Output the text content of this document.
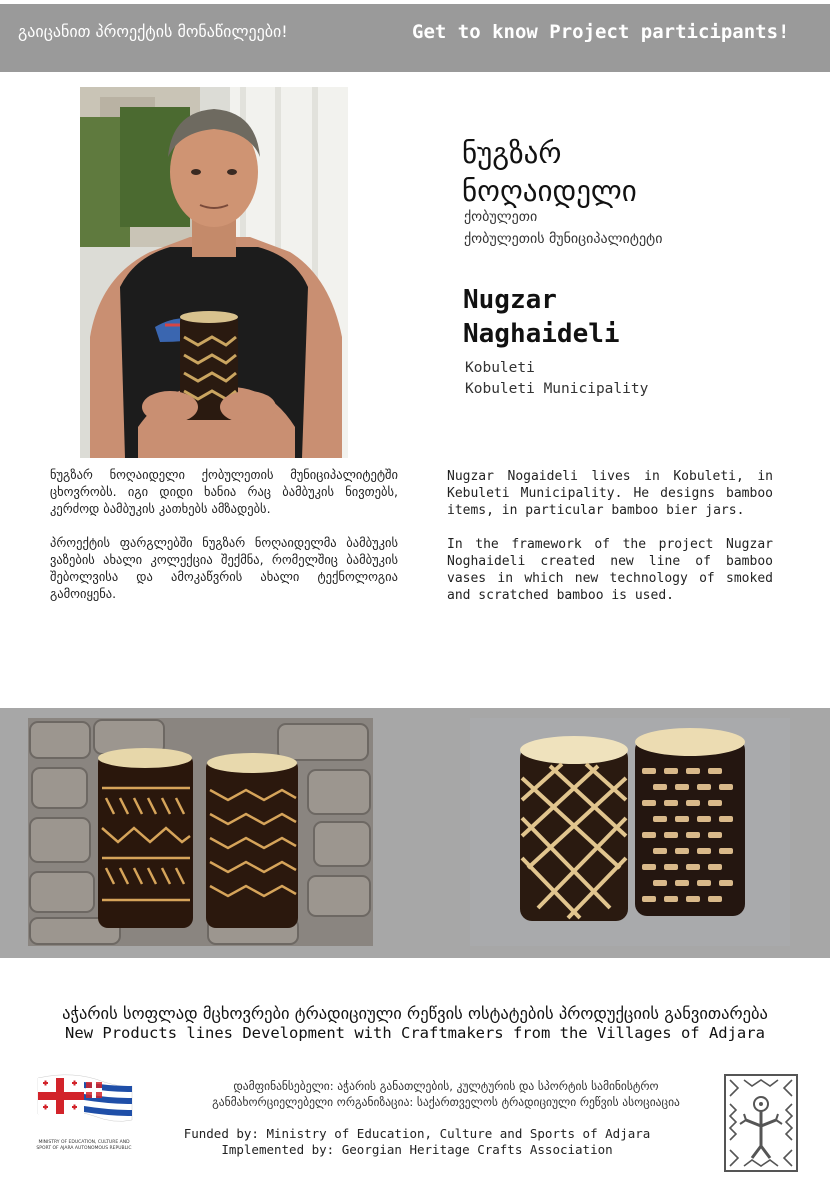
გაიცანით პროექტის მონაწილეები!	Get to know Project participants!
ნუგზარ
ნოღაიდელი
ქობულეთი
ქობულეთის მუნიციპალიტეტი
Nugzar
Naghaideli
Kobuleti
Kobuleti Municipality

ნუგზარ ნოღაიდელი ქობულეთის მუნიციპალიტეტში ცხოვრობს. იგი დიდი ხანია რაც ბამბუკის ნივთებს, კერძოდ ბამბუკის კათხებს ამზადებს.

პროექტის ფარგლებში ნუგზარ ნოღაიდელმა ბამბუკის ვაზების ახალი კოლექცია შექმნა, რომელშიც ბამბუკის შებოლვისა და ამოკაწვრის ახალი ტექნოლოგია გამოიყენა.

Nugzar Nogaideli lives in Kobuleti, in Kebuleti Municipality. He designs bamboo items, in particular bamboo bier jars.

In the framework of the project Nugzar Noghaideli created new line of bamboo vases in which new technology of smoked and scratched bamboo is used.

აჭარის სოფლად მცხოვრები ტრადიციული რეწვის ოსტატების პროდუქციის განვითარება
New Products lines Development with Craftmakers from the Villages of Adjara
MINISTRY OF EDUCATION, CULTURE AND SPORT OF AJARA AUTONOMOUS REPUBLIC
დამფინანსებელი: აჭარის განათლების, კულტურის და სპორტის სამინისტრო
განმახორციელებელი ორგანიზაცია: საქართველოს ტრადიციული რეწვის ასოციაცია
Funded by: Ministry of Education, Culture and Sports of Adjara
Implemented by: Georgian Heritage Crafts Association
